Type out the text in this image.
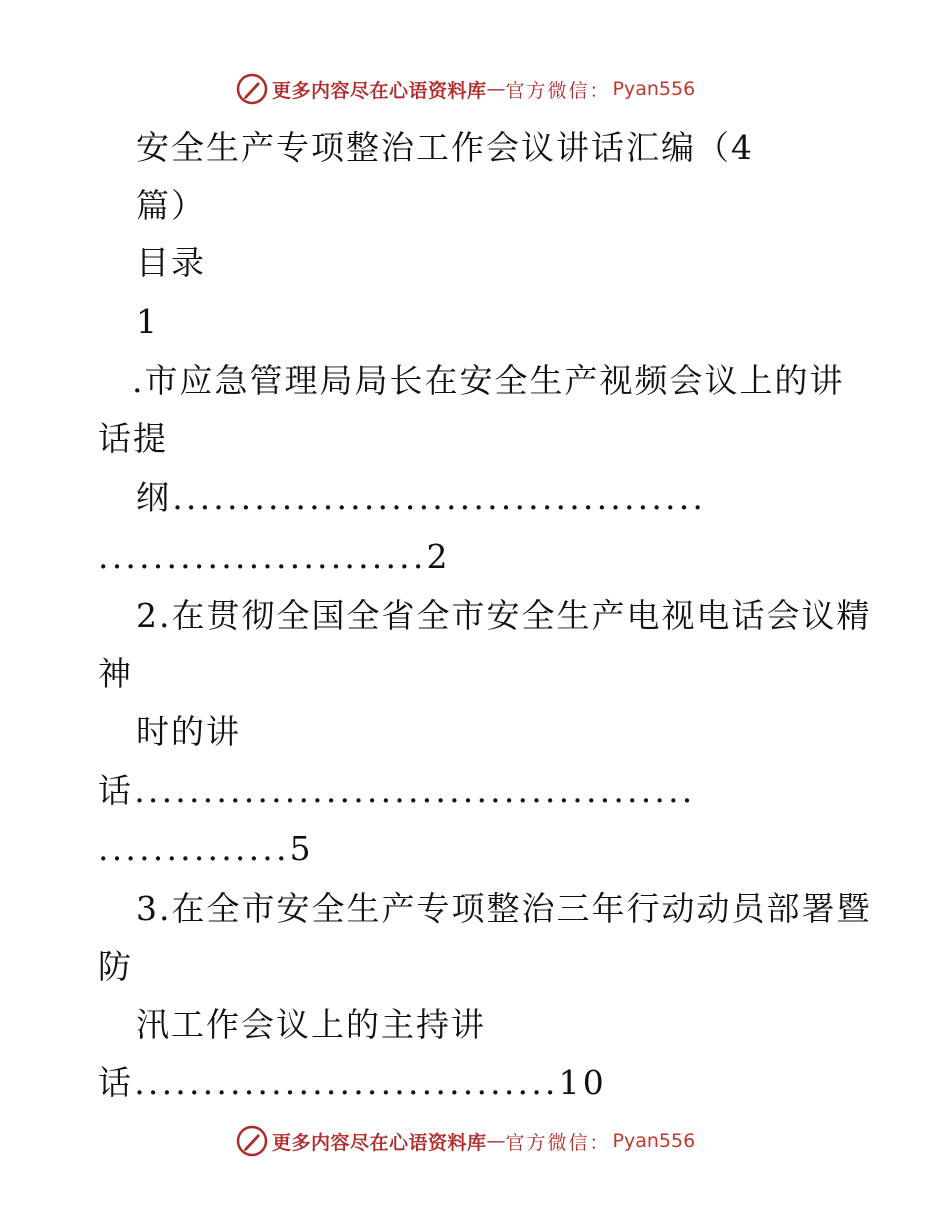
更多内容尽在心语资料库 — 官方微信： Pyan556
安全生产专项整治工作会议讲话汇编（4
篇）
目录
1
.市应急管理局局长在安全生产视频会议上的讲
话提
纲.......................................
........................2
2.在贯彻全国全省全市安全生产电视电话会议精
神
时的讲
话.........................................
..............5
3.在全市安全生产专项整治三年行动动员部署暨
防
汛工作会议上的主持讲
话...............................10
更多内容尽在心语资料库 — 官方微信： Pyan556
